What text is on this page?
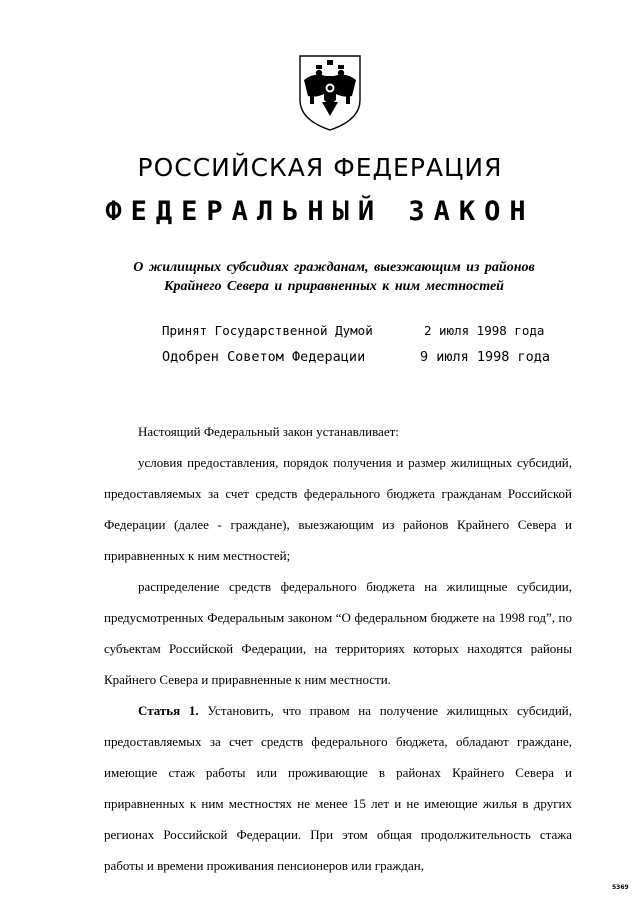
РОССИЙСКАЯ ФЕДЕРАЦИЯ
ФЕДЕРАЛЬНЫЙ ЗАКОН
О жилищных субсидиях гражданам, выезжающим из районов Крайнего Севера и приравненных к ним местностей
Принят Государственной Думой	2 июля 1998 года
Одобрен Советом Федерации	9 июля 1998 года

Настоящий Федеральный закон устанавливает:

условия предоставления, порядок получения и размер жилищных субсидий, предоставляемых за счет средств федерального бюджета гражданам Российской Федерации (далее - граждане), выезжающим из районов Крайнего Севера и приравненных к ним местностей;

распределение средств федерального бюджета на жилищные субсидии, предусмотренных Федеральным законом “О федеральном бюджете на 1998 год”, по субъектам Российской Федерации, на территориях которых находятся районы Крайнего Севера и приравненные к ним местности.

Статья 1. Установить, что правом на получение жилищных субсидий, предоставляемых за счет средств федерального бюджета, обладают граждане, имеющие стаж работы или проживающие в районах Крайнего Севера и приравненных к ним местностях не менее 15 лет и не имеющие жилья в других регионах Российской Федерации. При этом общая продолжительность стажа работы и времени проживания пенсионеров или граждан,

5369
